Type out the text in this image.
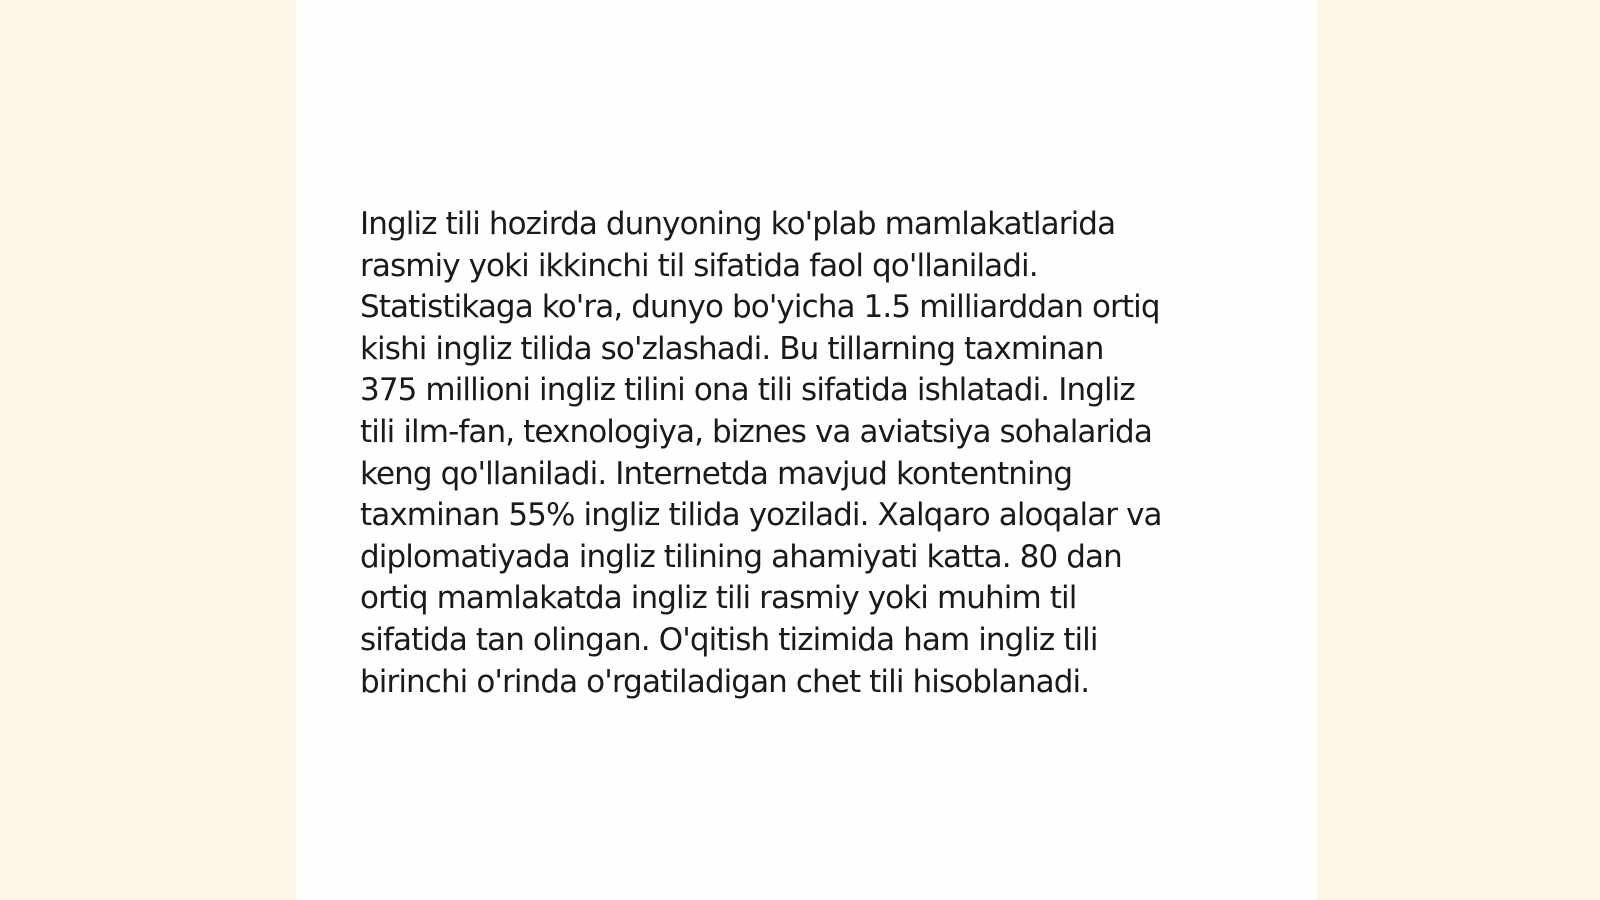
Ingliz tili hozirda dunyoning ko'plab mamlakatlarida
rasmiy yoki ikkinchi til sifatida faol qo'llaniladi.
Statistikaga ko'ra, dunyo bo'yicha 1.5 milliarddan ortiq
kishi ingliz tilida so'zlashadi. Bu tillarning taxminan
375 millioni ingliz tilini ona tili sifatida ishlatadi. Ingliz
tili ilm-fan, texnologiya, biznes va aviatsiya sohalarida
keng qo'llaniladi. Internetda mavjud kontentning
taxminan 55% ingliz tilida yoziladi. Xalqaro aloqalar va
diplomatiyada ingliz tilining ahamiyati katta. 80 dan
ortiq mamlakatda ingliz tili rasmiy yoki muhim til
sifatida tan olingan. O'qitish tizimida ham ingliz tili
birinchi o'rinda o'rgatiladigan chet tili hisoblanadi.
